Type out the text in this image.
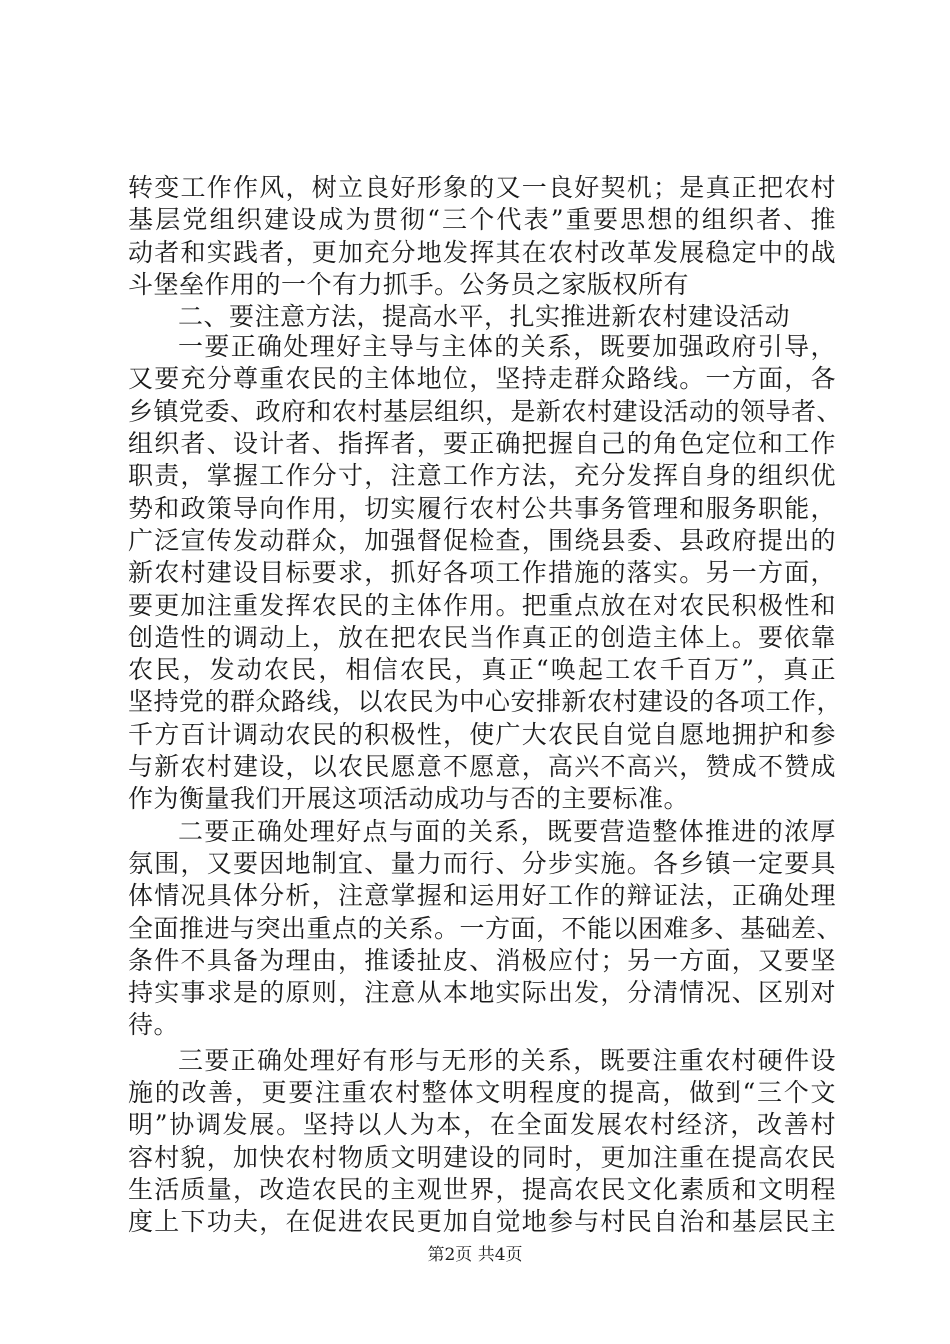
转变工作作风，树立良好形象的又一良好契机；是真正把农村
基层党组织建设成为贯彻“三个代表”重要思想的组织者、推
动者和实践者，更加充分地发挥其在农村改革发展稳定中的战
斗堡垒作用的一个有力抓手。公务员之家版权所有
二、要注意方法，提高水平，扎实推进新农村建设活动
一要正确处理好主导与主体的关系，既要加强政府引导，
又要充分尊重农民的主体地位，坚持走群众路线。一方面，各
乡镇党委、政府和农村基层组织，是新农村建设活动的领导者、
组织者、设计者、指挥者，要正确把握自己的角色定位和工作
职责，掌握工作分寸，注意工作方法，充分发挥自身的组织优
势和政策导向作用，切实履行农村公共事务管理和服务职能，
广泛宣传发动群众，加强督促检查，围绕县委、县政府提出的
新农村建设目标要求，抓好各项工作措施的落实。另一方面，
要更加注重发挥农民的主体作用。把重点放在对农民积极性和
创造性的调动上，放在把农民当作真正的创造主体上。要依靠
农民，发动农民，相信农民，真正“唤起工农千百万”，真正
坚持党的群众路线，以农民为中心安排新农村建设的各项工作，
千方百计调动农民的积极性，使广大农民自觉自愿地拥护和参
与新农村建设，以农民愿意不愿意，高兴不高兴，赞成不赞成
作为衡量我们开展这项活动成功与否的主要标准。
二要正确处理好点与面的关系，既要营造整体推进的浓厚
氛围，又要因地制宜、量力而行、分步实施。各乡镇一定要具
体情况具体分析，注意掌握和运用好工作的辩证法，正确处理
全面推进与突出重点的关系。一方面，不能以困难多、基础差、
条件不具备为理由，推诿扯皮、消极应付；另一方面，又要坚
持实事求是的原则，注意从本地实际出发，分清情况、区别对
待。
三要正确处理好有形与无形的关系，既要注重农村硬件设
施的改善，更要注重农村整体文明程度的提高，做到“三个文
明”协调发展。坚持以人为本，在全面发展农村经济，改善村
容村貌，加快农村物质文明建设的同时，更加注重在提高农民
生活质量，改造农民的主观世界，提高农民文化素质和文明程
度上下功夫，在促进农民更加自觉地参与村民自治和基层民主
第2页 共4页
